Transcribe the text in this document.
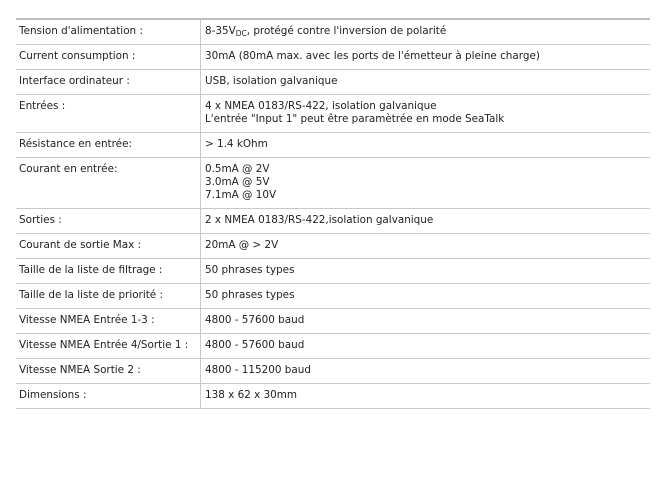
Tension d'alimentation :	$8-35V_{DC}$, protégé contre l'inversion de polarité
Current consumption :	30mA (80mA max. avec les ports de l'émetteur à pleine charge)

Interface ordinateur :	USB, isolation galvanique

Entrées :	4 x NMEA 0183/RS-422, isolation galvanique
L'entrée "Input 1" peut être paramètrée en mode SeaTalk

Résistance en entrée:	> 1.4 kOhm

Courant en entrée:	0.5mA @ 2V
3.0mA @ 5V
7.1mA @ 10V

Sorties :	2 x NMEA 0183/RS-422,isolation galvanique

Courant de sortie Max :	20mA @ > 2V

Taille de la liste de filtrage :	50 phrases types

Taille de la liste de priorité :	50 phrases types

Vitesse NMEA Entrée 1-3 :	4800 - 57600 baud

Vitesse NMEA Entrée 4/Sortie 1 :	4800 - 57600 baud

Vitesse NMEA Sortie 2 :	4800 - 115200 baud

Dimensions :	138 x 62 x 30mm
